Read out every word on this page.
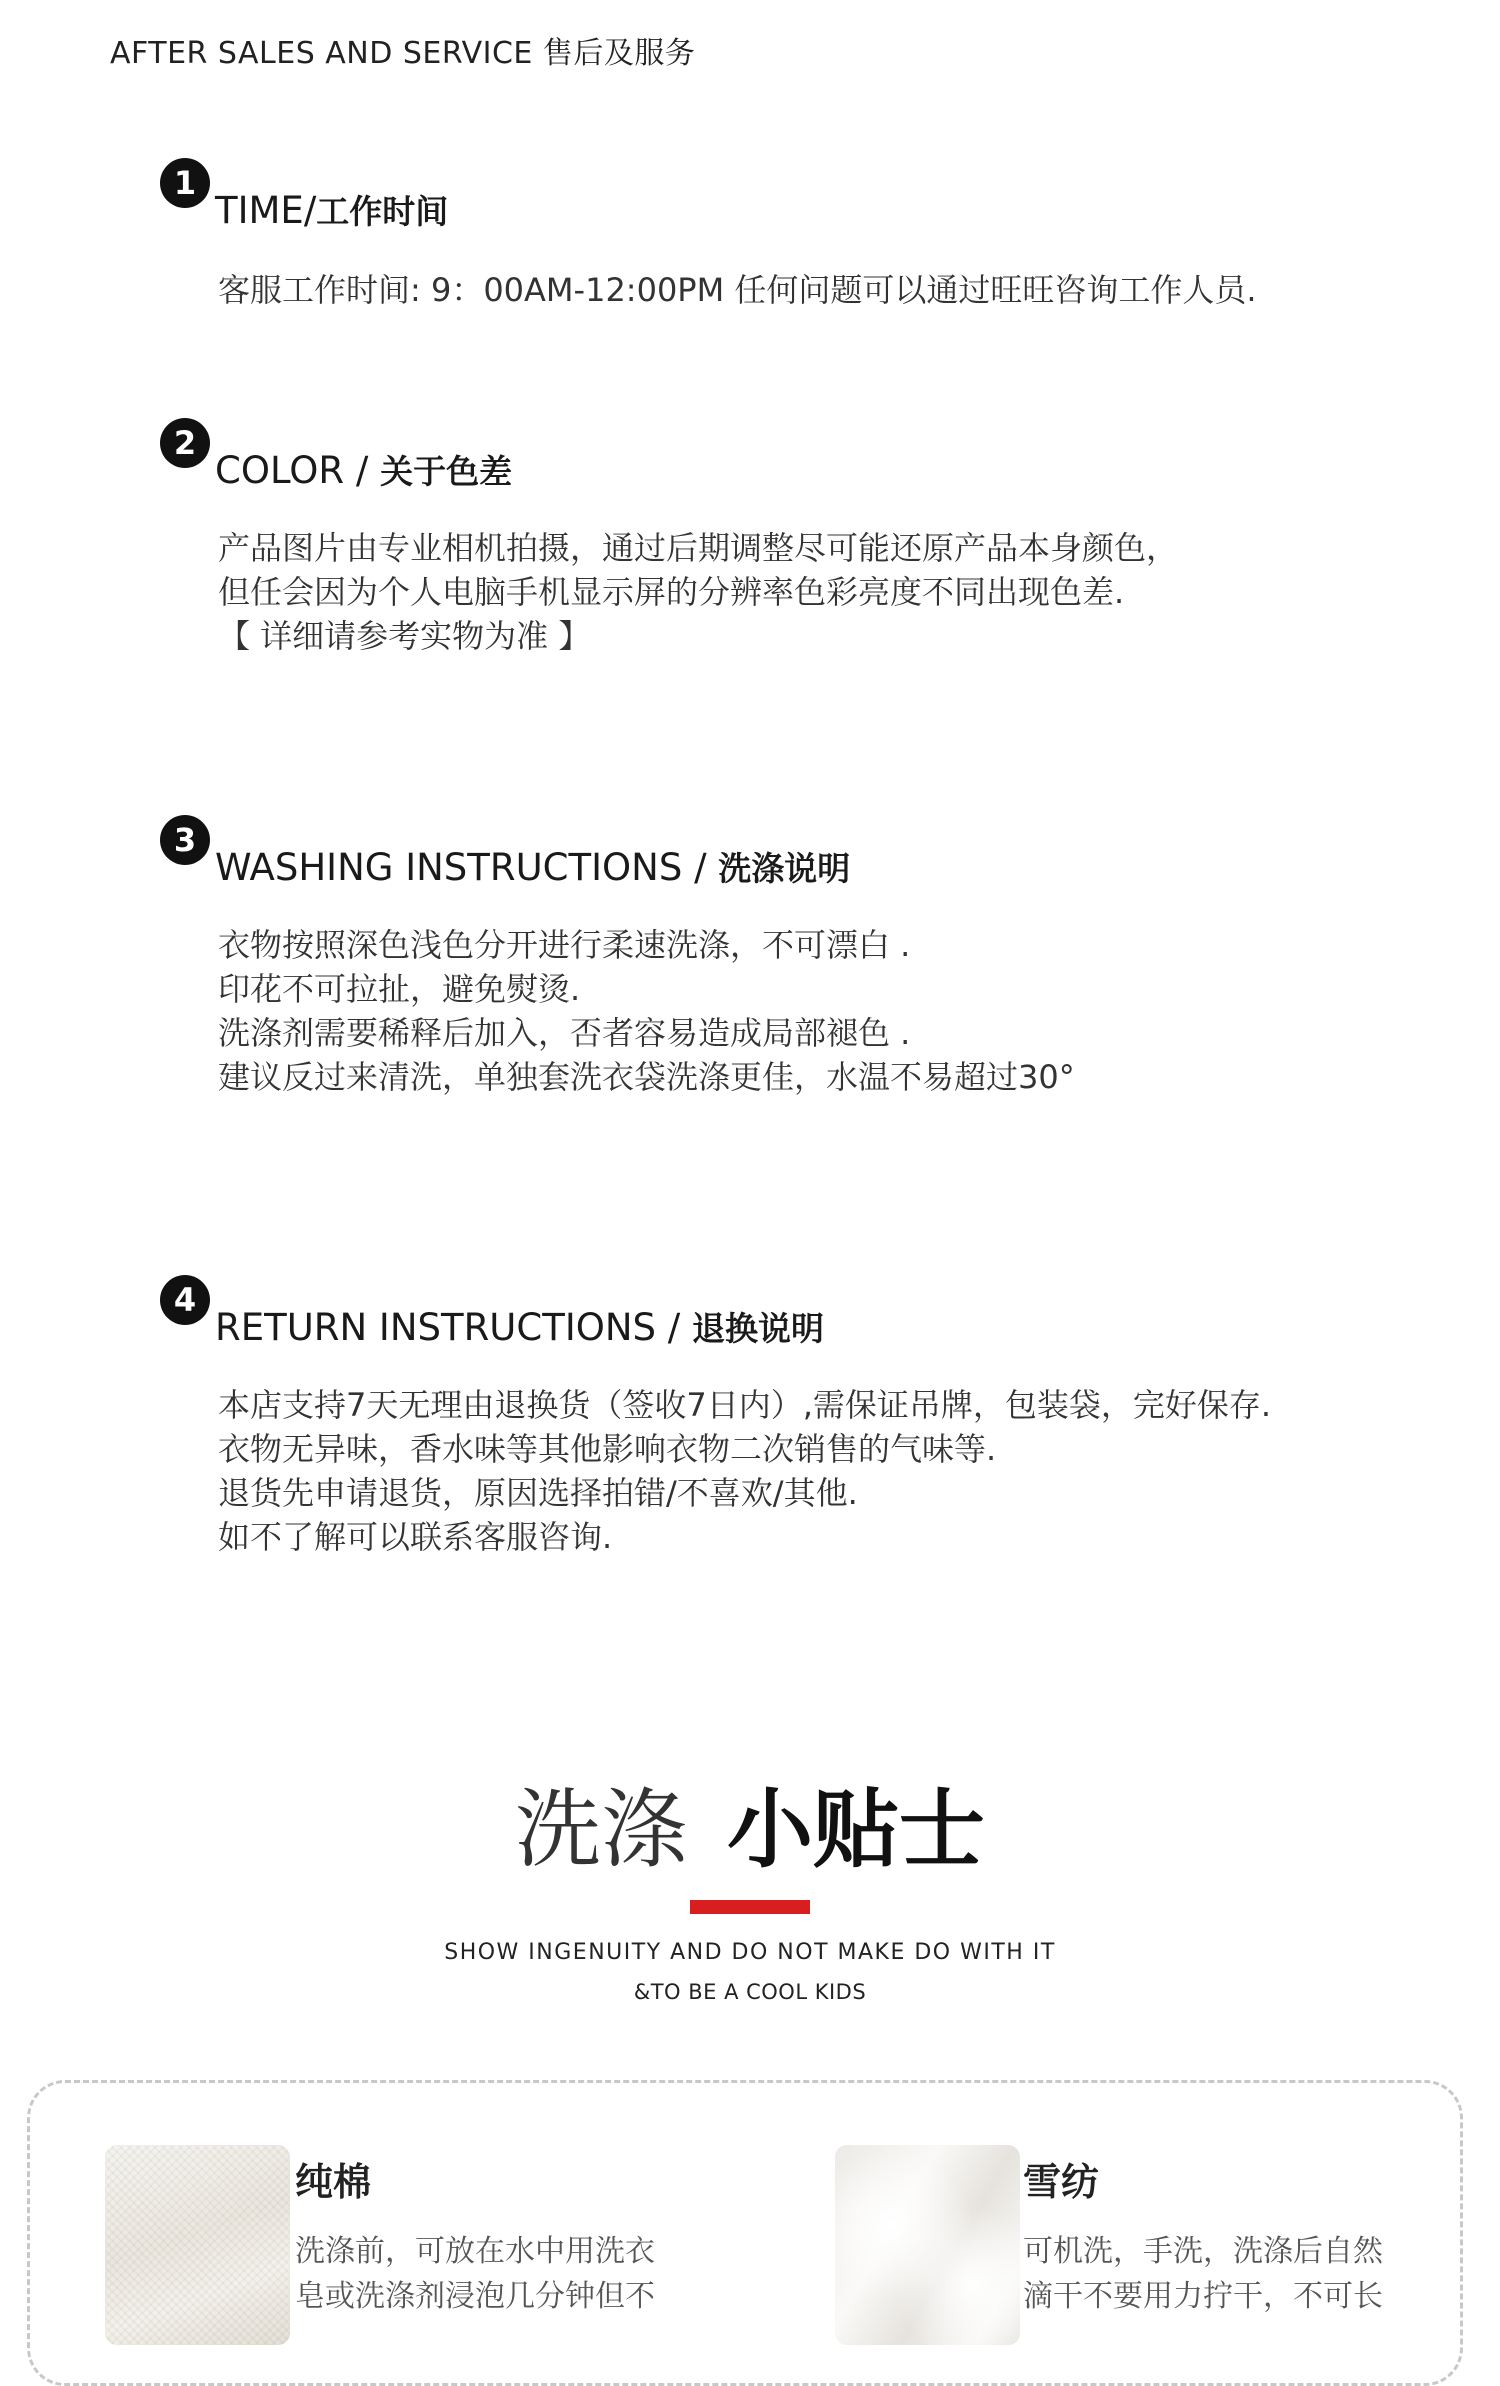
AFTER SALES AND SERVICE 售后及服务
1
TIME/工作时间
客服工作时间: 9：00AM-12:00PM 任何问题可以通过旺旺咨询工作人员.
2
COLOR / 关于色差
产品图片由专业相机拍摄，通过后期调整尽可能还原产品本身颜色，
但任会因为个人电脑手机显示屏的分辨率色彩亮度不同出现色差.
【 详细请参考实物为准 】
3
WASHING INSTRUCTIONS / 洗涤说明
衣物按照深色浅色分开进行柔速洗涤，不可漂白 .
印花不可拉扯，避免熨烫.
洗涤剂需要稀释后加入，否者容易造成局部褪色 .
建议反过来清洗，单独套洗衣袋洗涤更佳，水温不易超过30°
4
RETURN INSTRUCTIONS / 退换说明
本店支持7天无理由退换货（签收7日内）,需保证吊牌，包装袋，完好保存.
衣物无异味，香水味等其他影响衣物二次销售的气味等.
退货先申请退货，原因选择拍错/不喜欢/其他.
如不了解可以联系客服咨询.
洗涤 小贴士
SHOW INGENUITY AND DO NOT MAKE DO WITH IT
&TO BE A COOL KIDS
纯棉
洗涤前，可放在水中用洗衣
皂或洗涤剂浸泡几分钟但不
雪纺
可机洗，手洗，洗涤后自然
滴干不要用力拧干，不可长
